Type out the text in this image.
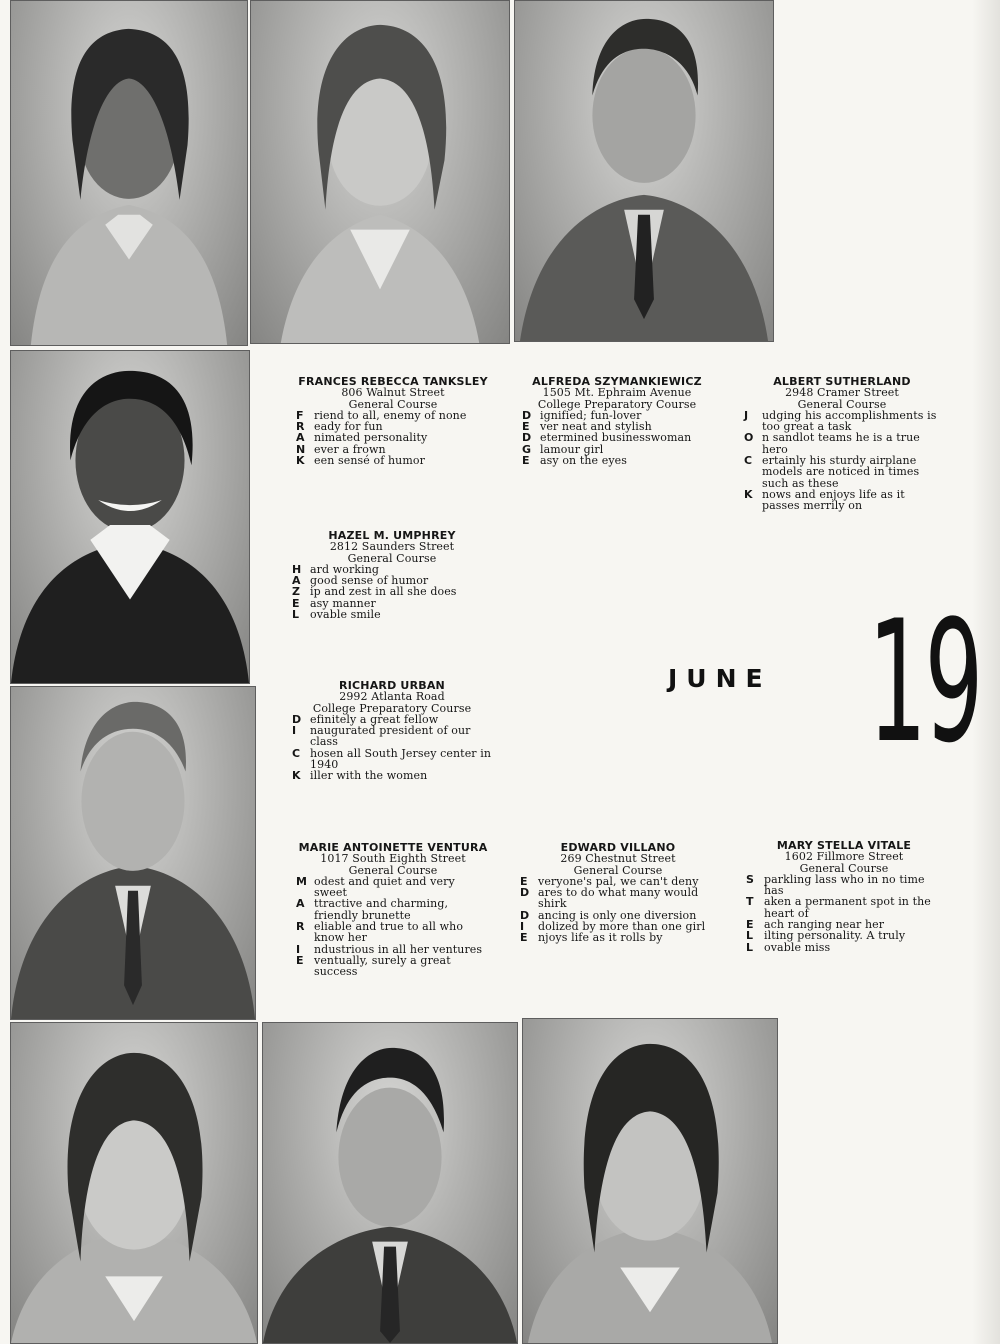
FRANCES REBECCA TANKSLEY
806 Walnut Street
General Course
F riend to all, enemy of none
R eady for fun
A nimated personality
N ever a frown
K een sensé of humor
ALFREDA SZYMANKIEWICZ
1505 Mt. Ephraim Avenue
College Preparatory Course
D ignified; fun-lover
E ver neat and stylish
D etermined businesswoman
G lamour girl
E asy on the eyes
ALBERT SUTHERLAND
2948 Cramer Street
General Course
J	udging his accomplishments is too great a task
O n sandlot teams he is a true hero
C ertainly his sturdy airplane models are noticed in times such as these
K nows and enjoys life as it passes merrily on
HAZEL M. UMPHREY
2812 Saunders Street
General Course
H ard working
A good sense of humor
Z ip and zest in all she does
E asy manner
L ovable smile
RICHARD URBAN
2992 Atlanta Road
College Preparatory Course
D efinitely a great fellow
I	naugurated president of our class
C hosen all South Jersey center in 1940
K iller with the women
JUNE 19
MARIE ANTOINETTE VENTURA
1017 South Eighth Street
General Course
M odest and quiet and very sweet
A ttractive and charming, friendly brunette
R eliable and true to all who know her
I	ndustrious in all her ventures
E ventually, surely a great success
EDWARD VILLANO
269 Chestnut Street
General Course
E veryone's pal, we can't deny
D ares to do what many would shirk
D ancing is only one diversion
I	dolized by more than one girl
E njoys life as it rolls by
MARY STELLA VITALE
1602 Fillmore Street
General Course
S parkling lass who in no time has
T aken a permanent spot in the heart of
E ach ranging near her
L ilting personality. A truly
L ovable miss
